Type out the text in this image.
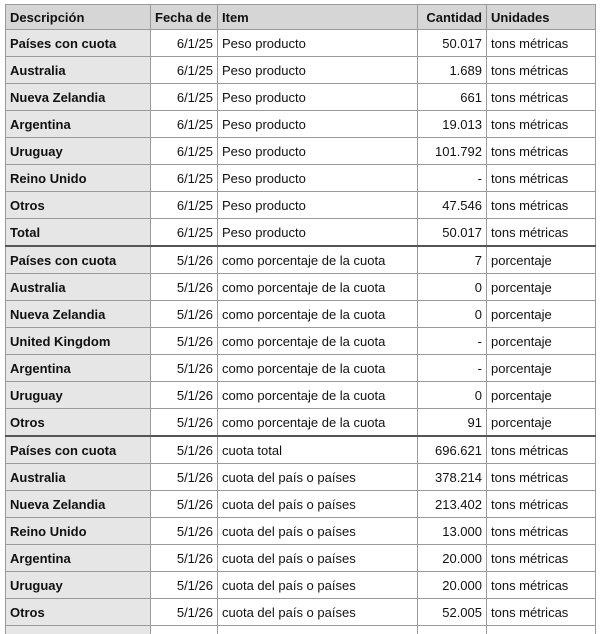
Descripción	Fecha de	Item	Cantidad	Unidades
Países con cuota	6/1/25	Peso producto	50.017	tons métricas
Australia	6/1/25	Peso producto	1.689	tons métricas
Nueva Zelandia	6/1/25	Peso producto	661	tons métricas
Argentina	6/1/25	Peso producto	19.013	tons métricas
Uruguay	6/1/25	Peso producto	101.792	tons métricas
Reino Unido	6/1/25	Peso producto	-	tons métricas
Otros	6/1/25	Peso producto	47.546	tons métricas
Total	6/1/25	Peso producto	50.017	tons métricas
Países con cuota	5/1/26	como porcentaje de la cuota	7	porcentaje
Australia	5/1/26	como porcentaje de la cuota	0	porcentaje
Nueva Zelandia	5/1/26	como porcentaje de la cuota	0	porcentaje
United Kingdom	5/1/26	como porcentaje de la cuota	-	porcentaje
Argentina	5/1/26	como porcentaje de la cuota	-	porcentaje
Uruguay	5/1/26	como porcentaje de la cuota	0	porcentaje
Otros	5/1/26	como porcentaje de la cuota	91	porcentaje
Países con cuota	5/1/26	cuota total	696.621	tons métricas
Australia	5/1/26	cuota del país o países	378.214	tons métricas
Nueva Zelandia	5/1/26	cuota del país o países	213.402	tons métricas
Reino Unido	5/1/26	cuota del país o países	13.000	tons métricas
Argentina	5/1/26	cuota del país o países	20.000	tons métricas
Uruguay	5/1/26	cuota del país o países	20.000	tons métricas
Otros	5/1/26	cuota del país o países	52.005	tons métricas
